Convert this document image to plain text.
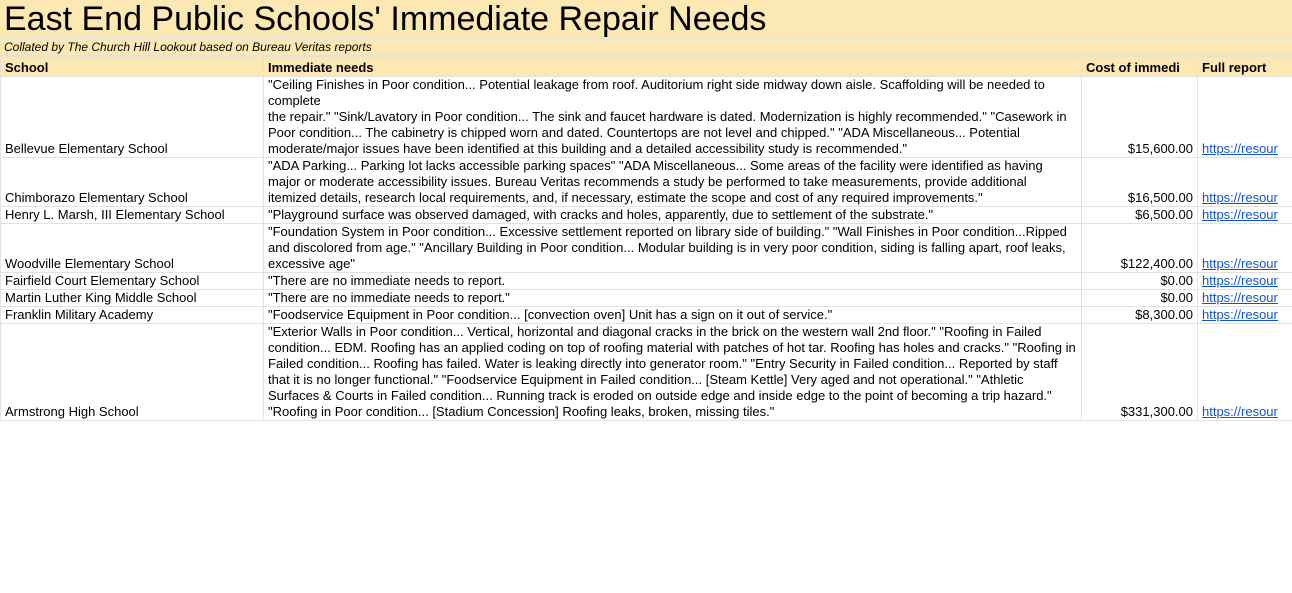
East End Public Schools' Immediate Repair Needs
Collated by The Church Hill Lookout based on Bureau Veritas reports
School	Immediate needs	Cost of immedi	Full report
Bellevue Elementary School	"Ceiling Finishes in Poor condition... Potential leakage from roof. Auditorium right side midway down aisle. Scaffolding will be needed to complete
the repair." "Sink/Lavatory in Poor condition... The sink and faucet hardware is dated. Modernization is highly recommended." "Casework in Poor condition... The cabinetry is chipped worn and dated. Countertops are not level and chipped." "ADA Miscellaneous... Potential moderate/major issues have been identified at this building and a detailed accessibility study is recommended."	$15,600.00	https://resour
Chimborazo Elementary School	"ADA Parking... Parking lot lacks accessible parking spaces" "ADA Miscellaneous... Some areas of the facility were identified as having major or moderate accessibility issues. Bureau Veritas recommends a study be performed to take measurements, provide additional itemized details, research local requirements, and, if necessary, estimate the scope and cost of any required improvements."	$16,500.00	https://resour
Henry L. Marsh, III Elementary School	"Playground surface was observed damaged, with cracks and holes, apparently, due to settlement of the substrate."	$6,500.00	https://resour
Woodville Elementary School	"Foundation System in Poor condition... Excessive settlement reported on library side of building." "Wall Finishes in Poor condition...Ripped and discolored from age." "Ancillary Building in Poor condition... Modular building is in very poor condition, siding is falling apart, roof leaks, excessive age"	$122,400.00	https://resour
Fairfield Court Elementary School	"There are no immediate needs to report.	$0.00	https://resour
Martin Luther King Middle School	"There are no immediate needs to report."	$0.00	https://resour
Franklin Military Academy	"Foodservice Equipment in Poor condition... [convection oven] Unit has a sign on it out of service."	$8,300.00	https://resour
Armstrong High School	"Exterior Walls in Poor condition... Vertical, horizontal and diagonal cracks in the brick on the western wall 2nd floor." "Roofing in Failed condition... EDM. Roofing has an applied coding on top of roofing material with patches of hot tar. Roofing has holes and cracks." "Roofing in Failed condition... Roofing has failed. Water is leaking directly into generator room." "Entry Security in Failed condition... Reported by staff that it is no longer functional." "Foodservice Equipment in Failed condition... [Steam Kettle] Very aged and not operational." "Athletic Surfaces & Courts in Failed condition... Running track is eroded on outside edge and inside edge to the point of becoming a trip hazard." "Roofing in Poor condition... [Stadium Concession] Roofing leaks, broken, missing tiles."	$331,300.00	https://resour
